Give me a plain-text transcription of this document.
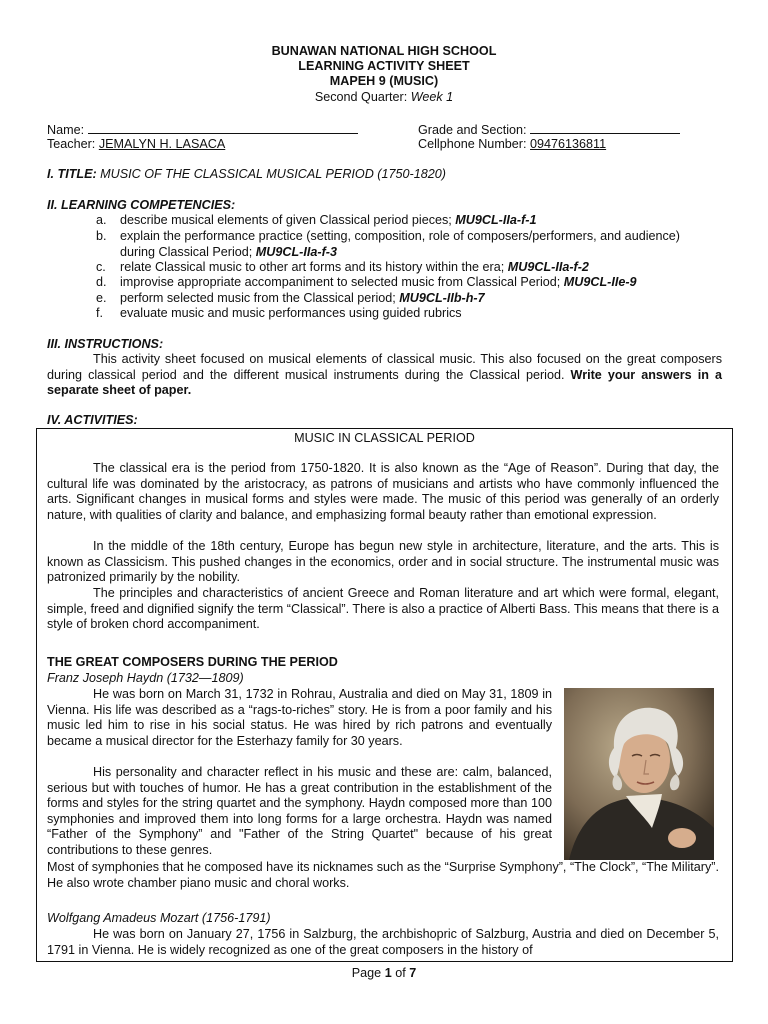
BUNAWAN NATIONAL HIGH SCHOOL
LEARNING ACTIVITY SHEET
MAPEH 9 (MUSIC)
Second Quarter: Week 1
Name:	Grade and Section:
Teacher: JEMALYN H. LASACA	Cellphone Number: 09476136811
I. TITLE: MUSIC OF THE CLASSICAL MUSICAL PERIOD (1750-1820)
II. LEARNING COMPETENCIES:
a. describe musical elements of given Classical period pieces; MU9CL-IIa-f-1
b. explain the performance practice (setting, composition, role of composers/performers, and audience) during Classical Period; MU9CL-IIa-f-3
c. relate Classical music to other art forms and its history within the era; MU9CL-IIa-f-2
d. improvise appropriate accompaniment to selected music from Classical Period; MU9CL-IIe-9
e. perform selected music from the Classical period; MU9CL-IIb-h-7
f. evaluate music and music performances using guided rubrics
III. INSTRUCTIONS:
This activity sheet focused on musical elements of classical music. This also focused on the great composers during classical period and the different musical instruments during the Classical period. Write your answers in a separate sheet of paper.
IV. ACTIVITIES:
MUSIC IN CLASSICAL PERIOD
The classical era is the period from 1750-1820. It is also known as the “Age of Reason”. During that day, the cultural life was dominated by the aristocracy, as patrons of musicians and artists who have commonly influenced the arts. Significant changes in musical forms and styles were made. The music of this period was generally of an orderly nature, with qualities of clarity and balance, and emphasizing formal beauty rather than emotional expression.
In the middle of the 18th century, Europe has begun new style in architecture, literature, and the arts. This is known as Classicism. This pushed changes in the economics, order and in social structure. The instrumental music was patronized primarily by the nobility.
The principles and characteristics of ancient Greece and Roman literature and art which were formal, elegant, simple, freed and dignified signify the term “Classical”. There is also a practice of Alberti Bass. This means that there is a style of broken chord accompaniment.
THE GREAT COMPOSERS DURING THE PERIOD
Franz Joseph Haydn (1732—1809)
He was born on March 31, 1732 in Rohrau, Australia and died on May 31, 1809 in Vienna. His life was described as a “rags-to-riches” story. He is from a poor family and his music led him to rise in his social status. He was hired by rich patrons and eventually became a musical director for the Esterhazy family for 30 years.
His personality and character reflect in his music and these are: calm, balanced, serious but with touches of humor. He has a great contribution in the establishment of the forms and styles for the string quartet and the symphony. Haydn composed more than 100 symphonies and improved them into long forms for a large orchestra. Haydn was named “Father of the Symphony” and "Father of the String Quartet" because of his great contributions to these genres.
Most of symphonies that he composed have its nicknames such as the “Surprise Symphony”, “The Clock”, “The Military”. He also wrote chamber piano music and choral works.
Wolfgang Amadeus Mozart (1756-1791)
He was born on January 27, 1756 in Salzburg, the archbishopric of Salzburg, Austria and died on December 5, 1791 in Vienna. He is widely recognized as one of the great composers in the history of
Page 1 of 7
